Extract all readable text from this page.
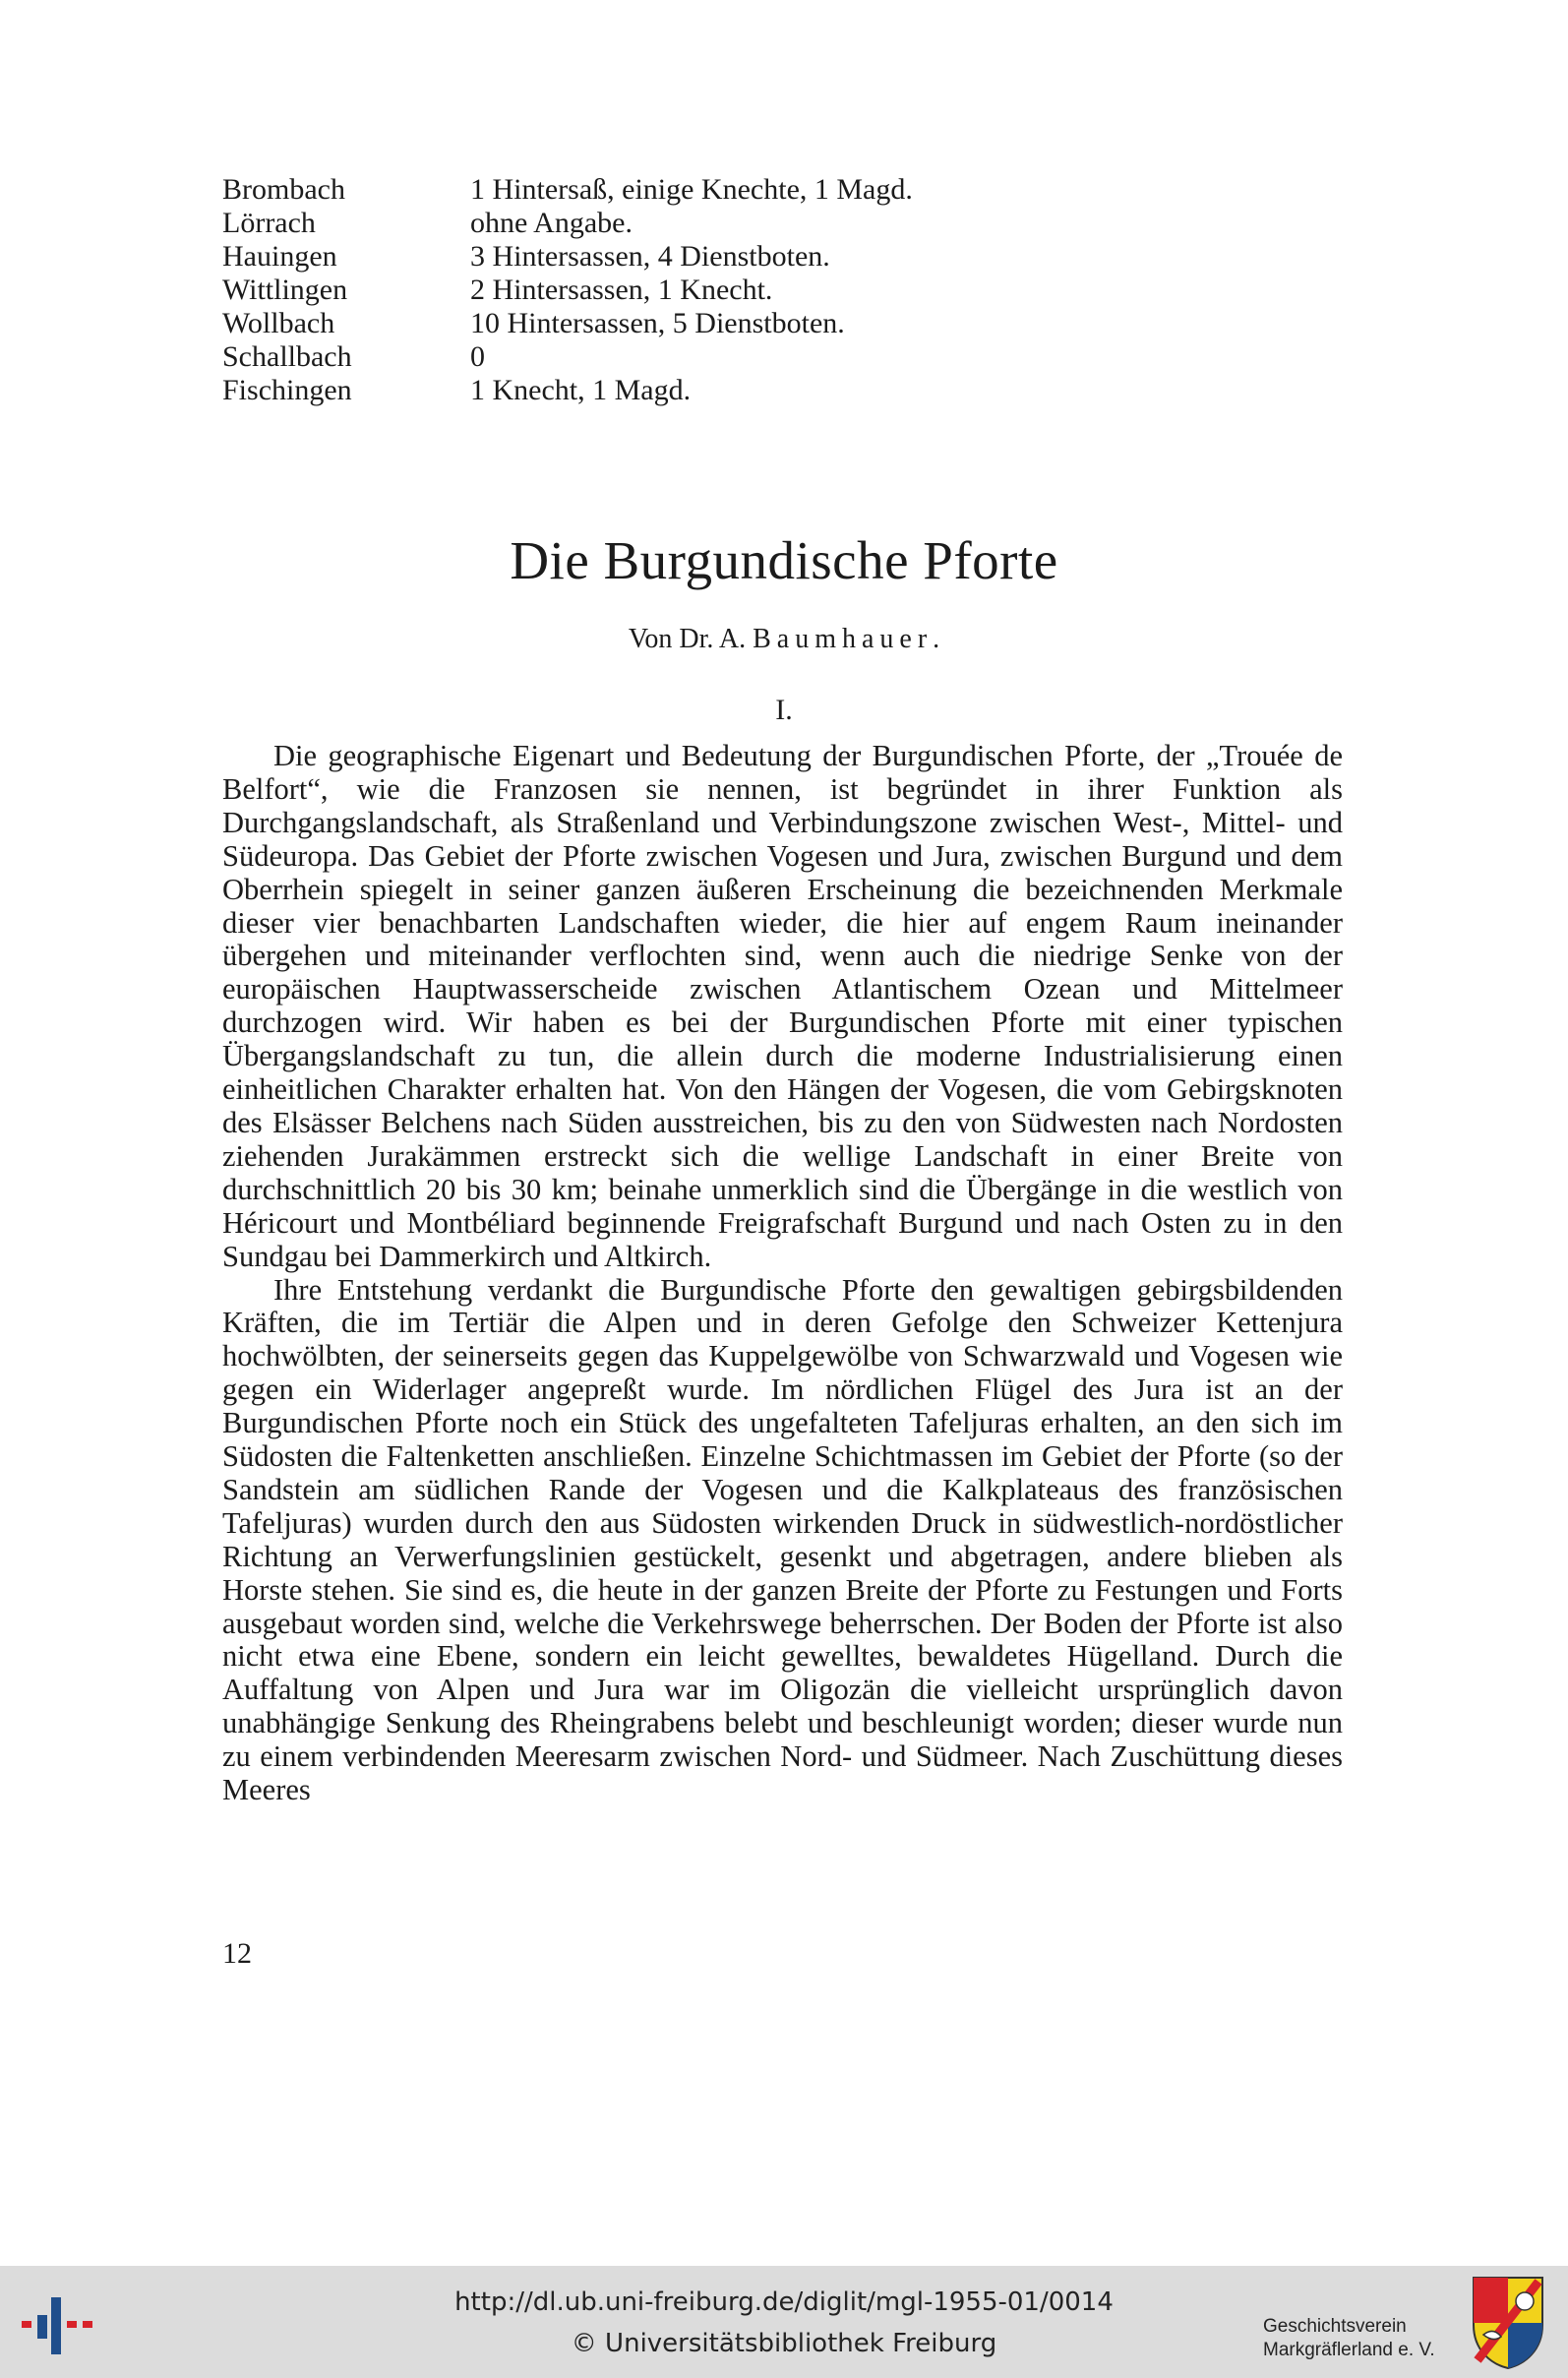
Brombach	1 Hintersaß, einige Knechte, 1 Magd.
Lörrach	ohne Angabe.
Hauingen	3 Hintersassen, 4 Dienstboten.
Wittlingen	2 Hintersassen, 1 Knecht.
Wollbach	10 Hintersassen, 5 Dienstboten.
Schallbach	0
Fischingen	1 Knecht, 1 Magd.
Die Burgundische Pforte
Von Dr. A. Baumhauer.
I.

Die geographische Eigenart und Bedeutung der Burgundischen Pforte, der „Trouée de Belfort“, wie die Franzosen sie nennen, ist begründet in ihrer Funktion als Durchgangslandschaft, als Straßenland und Verbindungszone zwischen West-, Mittel- und Südeuropa. Das Gebiet der Pforte zwischen Vogesen und Jura, zwischen Burgund und dem Oberrhein spiegelt in seiner ganzen äußeren Erscheinung die bezeichnenden Merkmale dieser vier benachbarten Landschaften wieder, die hier auf engem Raum ineinander übergehen und miteinander verflochten sind, wenn auch die niedrige Senke von der europäischen Hauptwasserscheide zwischen Atlantischem Ozean und Mittelmeer durchzogen wird. Wir haben es bei der Burgundischen Pforte mit einer typischen Übergangslandschaft zu tun, die allein durch die moderne Industrialisierung einen einheitlichen Charakter erhalten hat. Von den Hängen der Vogesen, die vom Gebirgsknoten des Elsässer Belchens nach Süden ausstreichen, bis zu den von Südwesten nach Nordosten ziehenden Jurakämmen erstreckt sich die wellige Landschaft in einer Breite von durchschnittlich 20 bis 30 km; beinahe unmerklich sind die Übergänge in die westlich von Héricourt und Montbéliard beginnende Freigrafschaft Burgund und nach Osten zu in den Sundgau bei Dammerkirch und Altkirch.

Ihre Entstehung verdankt die Burgundische Pforte den gewaltigen gebirgsbildenden Kräften, die im Tertiär die Alpen und in deren Gefolge den Schweizer Kettenjura hochwölbten, der seinerseits gegen das Kuppelgewölbe von Schwarzwald und Vogesen wie gegen ein Widerlager angepreßt wurde. Im nördlichen Flügel des Jura ist an der Burgundischen Pforte noch ein Stück des ungefalteten Tafeljuras erhalten, an den sich im Südosten die Faltenketten anschließen. Einzelne Schichtmassen im Gebiet der Pforte (so der Sandstein am südlichen Rande der Vogesen und die Kalkplateaus des französischen Tafeljuras) wurden durch den aus Südosten wirkenden Druck in südwestlich-nordöstlicher Richtung an Verwerfungslinien gestückelt, gesenkt und abgetragen, andere blieben als Horste stehen. Sie sind es, die heute in der ganzen Breite der Pforte zu Festungen und Forts ausgebaut worden sind, welche die Verkehrswege beherrschen. Der Boden der Pforte ist also nicht etwa eine Ebene, sondern ein leicht gewelltes, bewaldetes Hügelland. Durch die Auffaltung von Alpen und Jura war im Oligozän die vielleicht ursprünglich davon unabhängige Senkung des Rheingrabens belebt und beschleunigt worden; dieser wurde nun zu einem verbindenden Meeresarm zwischen Nord- und Südmeer. Nach Zuschüttung dieses Meeres

12
http://dl.ub.uni-freiburg.de/diglit/mgl-1955-01/0014
© Universitätsbibliothek Freiburg
Geschichtsverein
Markgräflerland e. V.
